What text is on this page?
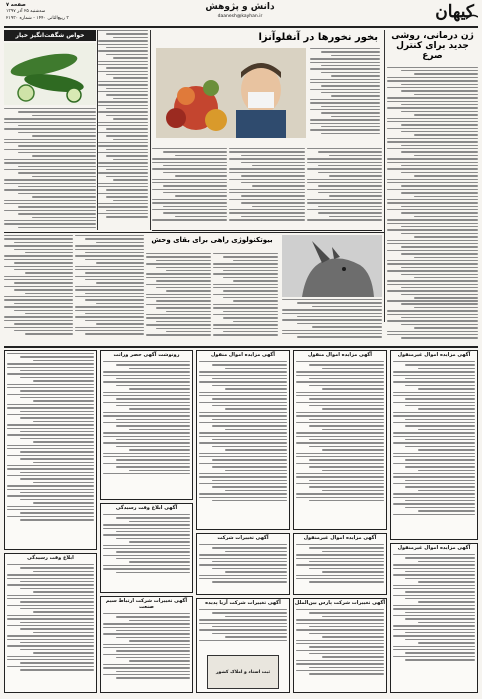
کیهان
دانش و پژوهش
daanesh@kayhan.ir
صفحه ۷
سه‌شنبه ۲۵ آذر ۱۳۹۷
۳ ربیع‌الثانی ۱۴۴۰ - شماره ۲۱۹۳۰
ژن درمانی، روشی جدید برای کنترل صرع
بخور نخورها در آنفلوآنزا
خواص شگفت‌انگیز خیار
بیوتکنولوژی راهی برای بقای وحش
آگهی مزایده اموال غیرمنقول
آگهی مزایده اموال غیرمنقول
آگهی مزایده اموال منقول
آگهی مزایده اموال غیرمنقول
آگهی تغییرات شرکت پارس بین‌الملل
آگهی مزایده اموال منقول
آگهی تغییرات شرکت
آگهی تغییرات شرکت آریا پدیده
ثبت اسناد و املاک کشور
رونوشت آگهی حصر وراثت
آگهی ابلاغ وقت رسیدگی
آگهی تغییرات شرکت ارتباط سیم صنعت
ابلاغ وقت رسیدگی
